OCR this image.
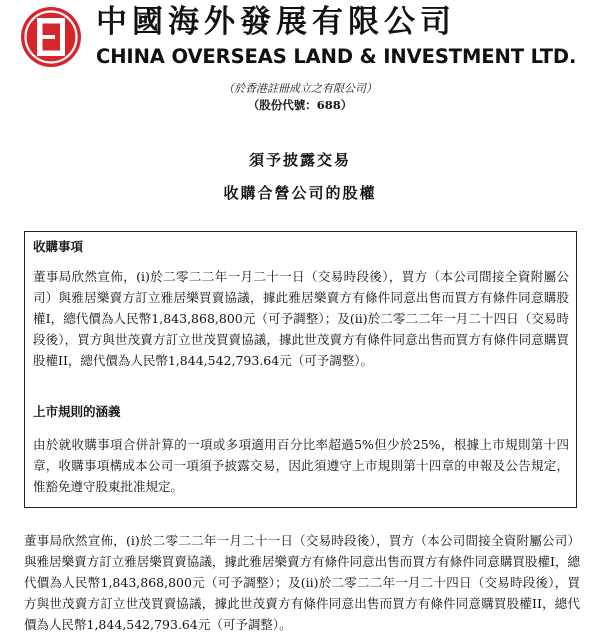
中國海外發展有限公司
CHINA OVERSEAS LAND & INVESTMENT LTD.
（於香港註冊成立之有限公司）
（股份代號：688）
須予披露交易
收購合營公司的股權
收購事項
董事局欣然宣佈，(i)於二零二二年一月二十一日（交易時段後），買方（本公司間接全資附屬公司）與雅居樂賣方訂立雅居樂買賣協議，據此雅居樂賣方有條件同意出售而買方有條件同意購股權I，總代價為人民幣1,843,868,800元（可予調整）；及(ii)於二零二二年一月二十四日（交易時段後），買方與世茂賣方訂立世茂買賣協議，據此世茂賣方有條件同意出售而買方有條件同意購買股權II，總代價為人民幣1,844,542,793.64元（可予調整）。
上市規則的涵義
由於就收購事項合併計算的一項或多項適用百分比率超過5%但少於25%，根據上市規則第十四章，收購事項構成本公司一項須予披露交易，因此須遵守上市規則第十四章的申報及公告規定，惟豁免遵守股東批准規定。
董事局欣然宣佈，(i)於二零二二年一月二十一日（交易時段後），買方（本公司間接全資附屬公司）與雅居樂賣方訂立雅居樂買賣協議，據此雅居樂賣方有條件同意出售而買方有條件同意購買股權I，總代價為人民幣1,843,868,800元（可予調整）；及(ii)於二零二二年一月二十四日（交易時段後），買方與世茂賣方訂立世茂買賣協議，據此世茂賣方有條件同意出售而買方有條件同意購買股權II，總代價為人民幣1,844,542,793.64元（可予調整）。
